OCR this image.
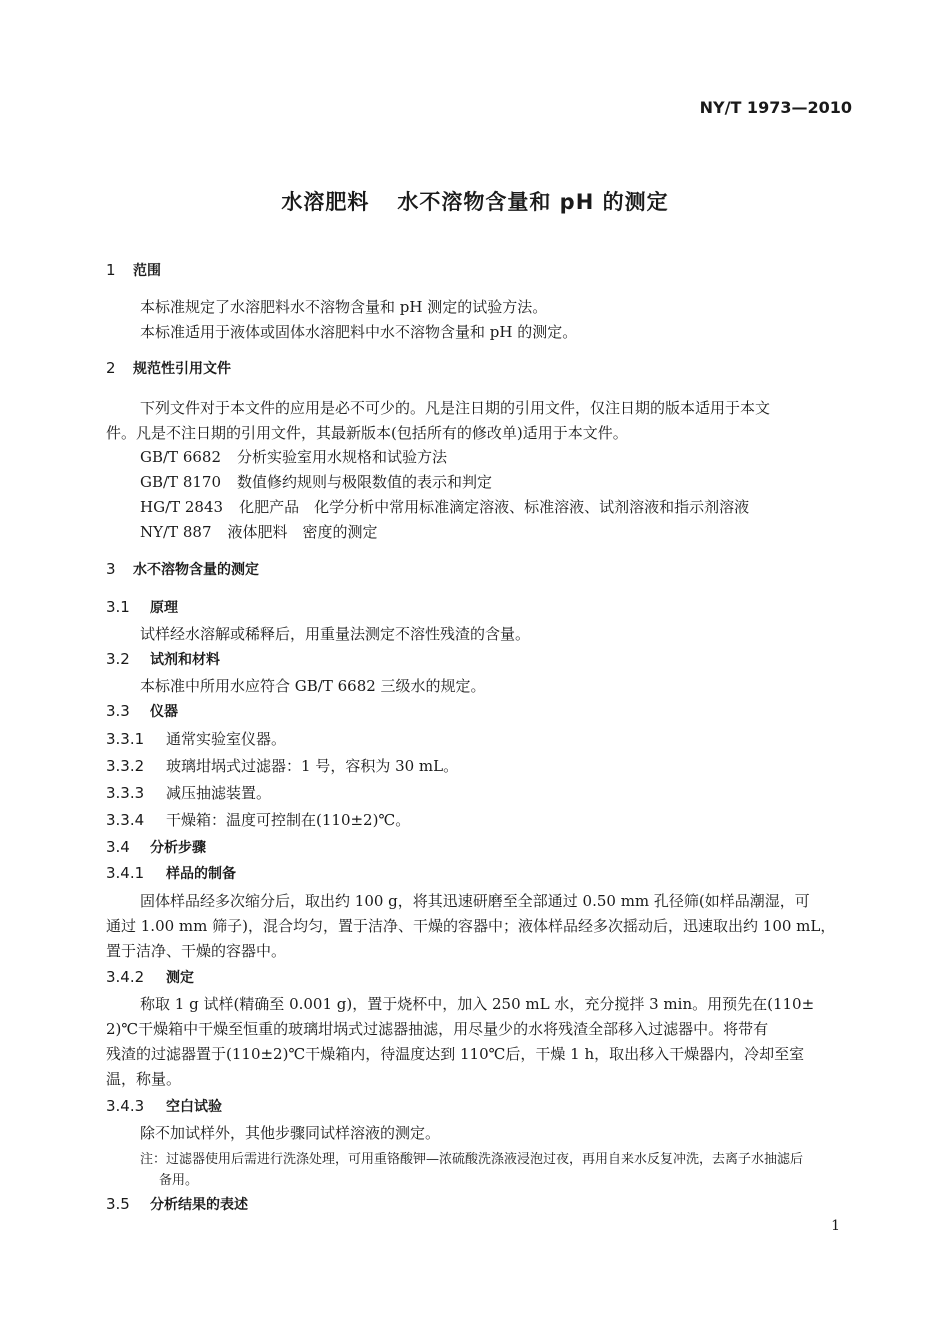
NY/T 1973—2010
水溶肥料 水不溶物含量和 pH 的测定
1 范围
本标准规定了水溶肥料水不溶物含量和 pH 测定的试验方法。
本标准适用于液体或固体水溶肥料中水不溶物含量和 pH 的测定。
2 规范性引用文件
下列文件对于本文件的应用是必不可少的。凡是注日期的引用文件，仅注日期的版本适用于本文
件。凡是不注日期的引用文件，其最新版本(包括所有的修改单)适用于本文件。
GB/T 6682 分析实验室用水规格和试验方法
GB/T 8170 数值修约规则与极限数值的表示和判定
HG/T 2843 化肥产品　化学分析中常用标准滴定溶液、标准溶液、试剂溶液和指示剂溶液
NY/T 887 液体肥料　密度的测定
3 水不溶物含量的测定
3.1 原理
试样经水溶解或稀释后，用重量法测定不溶性残渣的含量。
3.2 试剂和材料
本标准中所用水应符合 GB/T 6682 三级水的规定。
3.3 仪器
3.3.1 通常实验室仪器。
3.3.2 玻璃坩埚式过滤器：1 号，容积为 30 mL。
3.3.3 减压抽滤装置。
3.3.4 干燥箱：温度可控制在(110±2)℃。
3.4 分析步骤
3.4.1 样品的制备
固体样品经多次缩分后，取出约 100 g，将其迅速研磨至全部通过 0.50 mm 孔径筛(如样品潮湿，可
通过 1.00 mm 筛子)，混合均匀，置于洁净、干燥的容器中；液体样品经多次摇动后，迅速取出约 100 mL，
置于洁净、干燥的容器中。
3.4.2 测定
称取 1 g 试样(精确至 0.001 g)，置于烧杯中，加入 250 mL 水，充分搅拌 3 min。用预先在(110±
2)℃干燥箱中干燥至恒重的玻璃坩埚式过滤器抽滤，用尽量少的水将残渣全部移入过滤器中。将带有
残渣的过滤器置于(110±2)℃干燥箱内，待温度达到 110℃后，干燥 1 h，取出移入干燥器内，冷却至室
温，称量。
3.4.3 空白试验
除不加试样外，其他步骤同试样溶液的测定。
注：过滤器使用后需进行洗涤处理，可用重铬酸钾—浓硫酸洗涤液浸泡过夜，再用自来水反复冲洗，去离子水抽滤后
备用。
3.5 分析结果的表述
1
